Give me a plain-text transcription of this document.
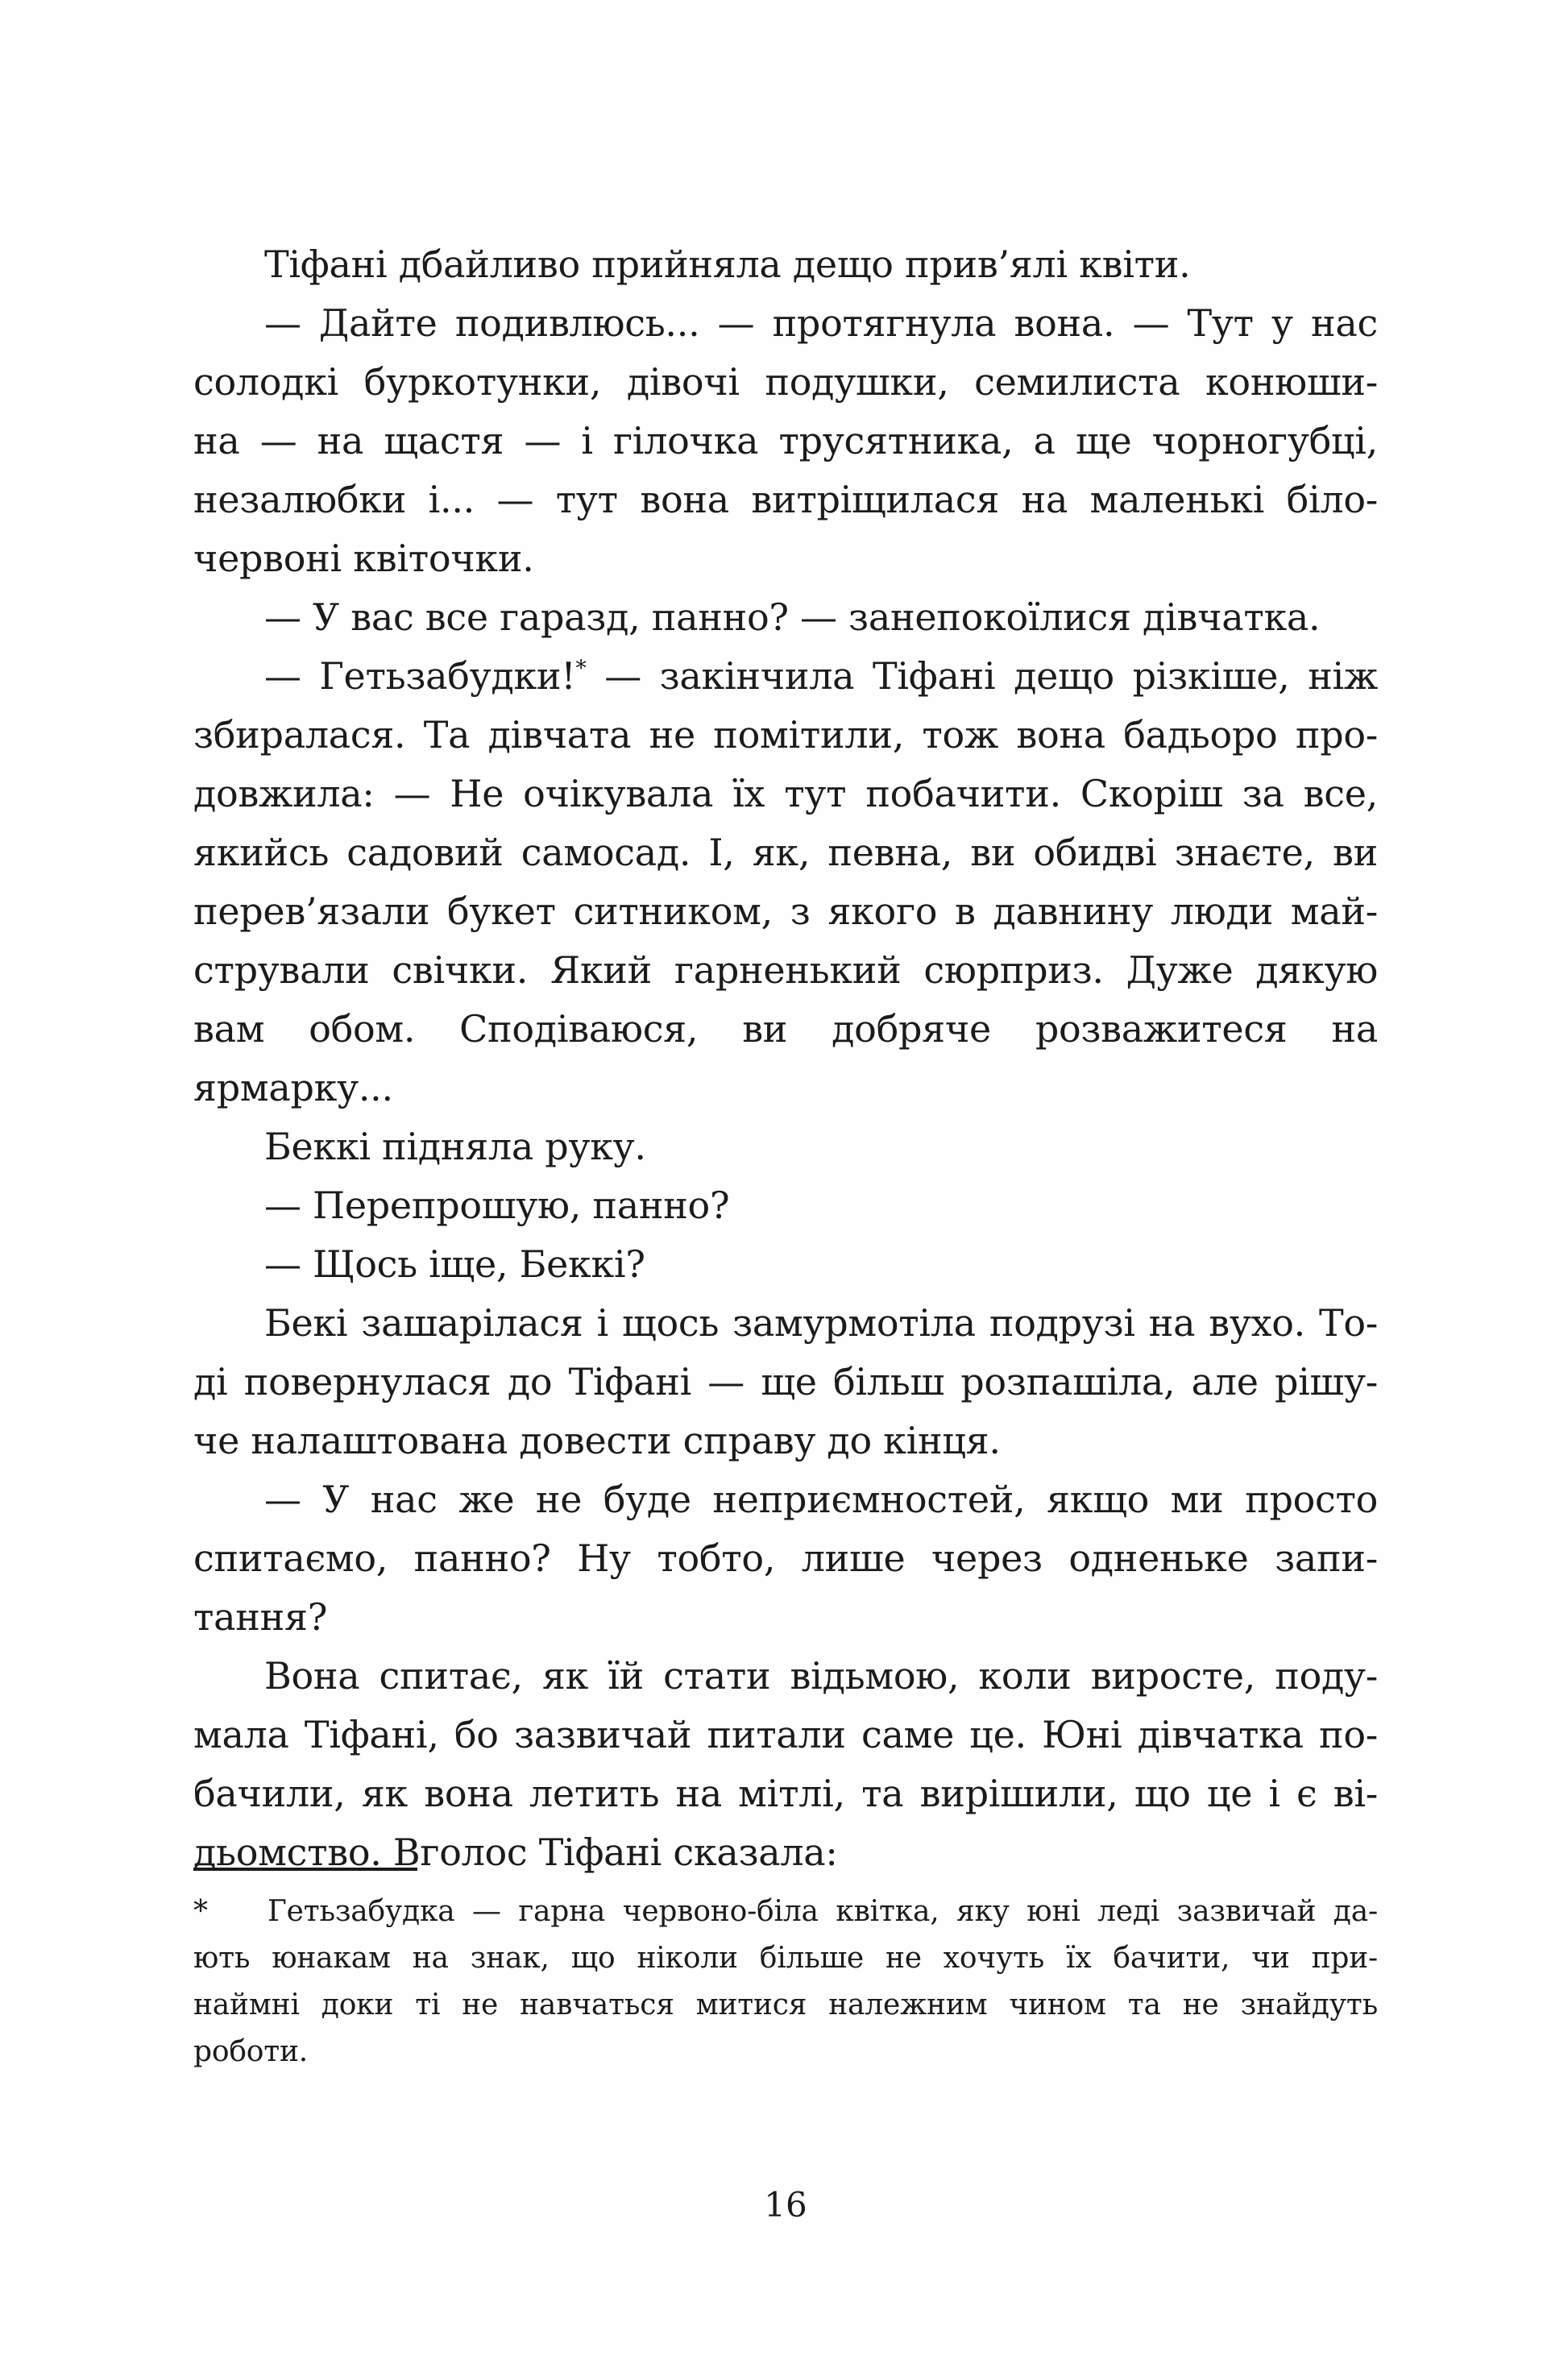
Тіфані дбайливо прийняла дещо прив’ялі квіти.
— Дайте подивлюсь... — протягнула вона. — Тут у нас
солодкі буркотунки, дівочі подушки, семилиста конюши-
на — на щастя — і гілочка трусятника, а ще чорногубці,
незалюбки і... — тут вона витріщилася на маленькі біло-
червоні квіточки.
— У вас все гаразд, панно? — занепокоїлися дівчатка.
— Гетьзабудки!* — закінчила Тіфані дещо різкіше, ніж
збиралася. Та дівчата не помітили, тож вона бадьоро про-
довжила: — Не очікувала їх тут побачити. Скоріш за все,
якийсь садовий самосад. І, як, певна, ви обидві знаєте, ви
перев’язали букет ситником, з якого в давнину люди май-
стрували свічки. Який гарненький сюрприз. Дуже дякую
вам обом. Сподіваюся, ви добряче розважитеся на ярмарку...
Беккі підняла руку.
— Перепрошую, панно?
— Щось іще, Беккі?
Бекі зашарілася і щось замурмотіла подрузі на вухо. То-
ді повернулася до Тіфані — ще більш розпашіла, але рішу-
че налаштована довести справу до кінця.
— У нас же не буде неприємностей, якщо ми просто
спитаємо, панно? Ну тобто, лише через одненьке запи-
тання?
Вона спитає, як їй стати відьмою, коли виросте, поду-
мала Тіфані, бо зазвичай питали саме це. Юні дівчатка по-
бачили, як вона летить на мітлі, та вирішили, що це і є ві-
дьомство. Вголос Тіфані сказала:
* Гетьзабудка — гарна червоно-біла квітка, яку юні леді зазвичай да-
ють юнакам на знак, що ніколи більше не хочуть їх бачити, чи при-
наймні доки ті не навчаться митися належним чином та не знайдуть
роботи.
16
